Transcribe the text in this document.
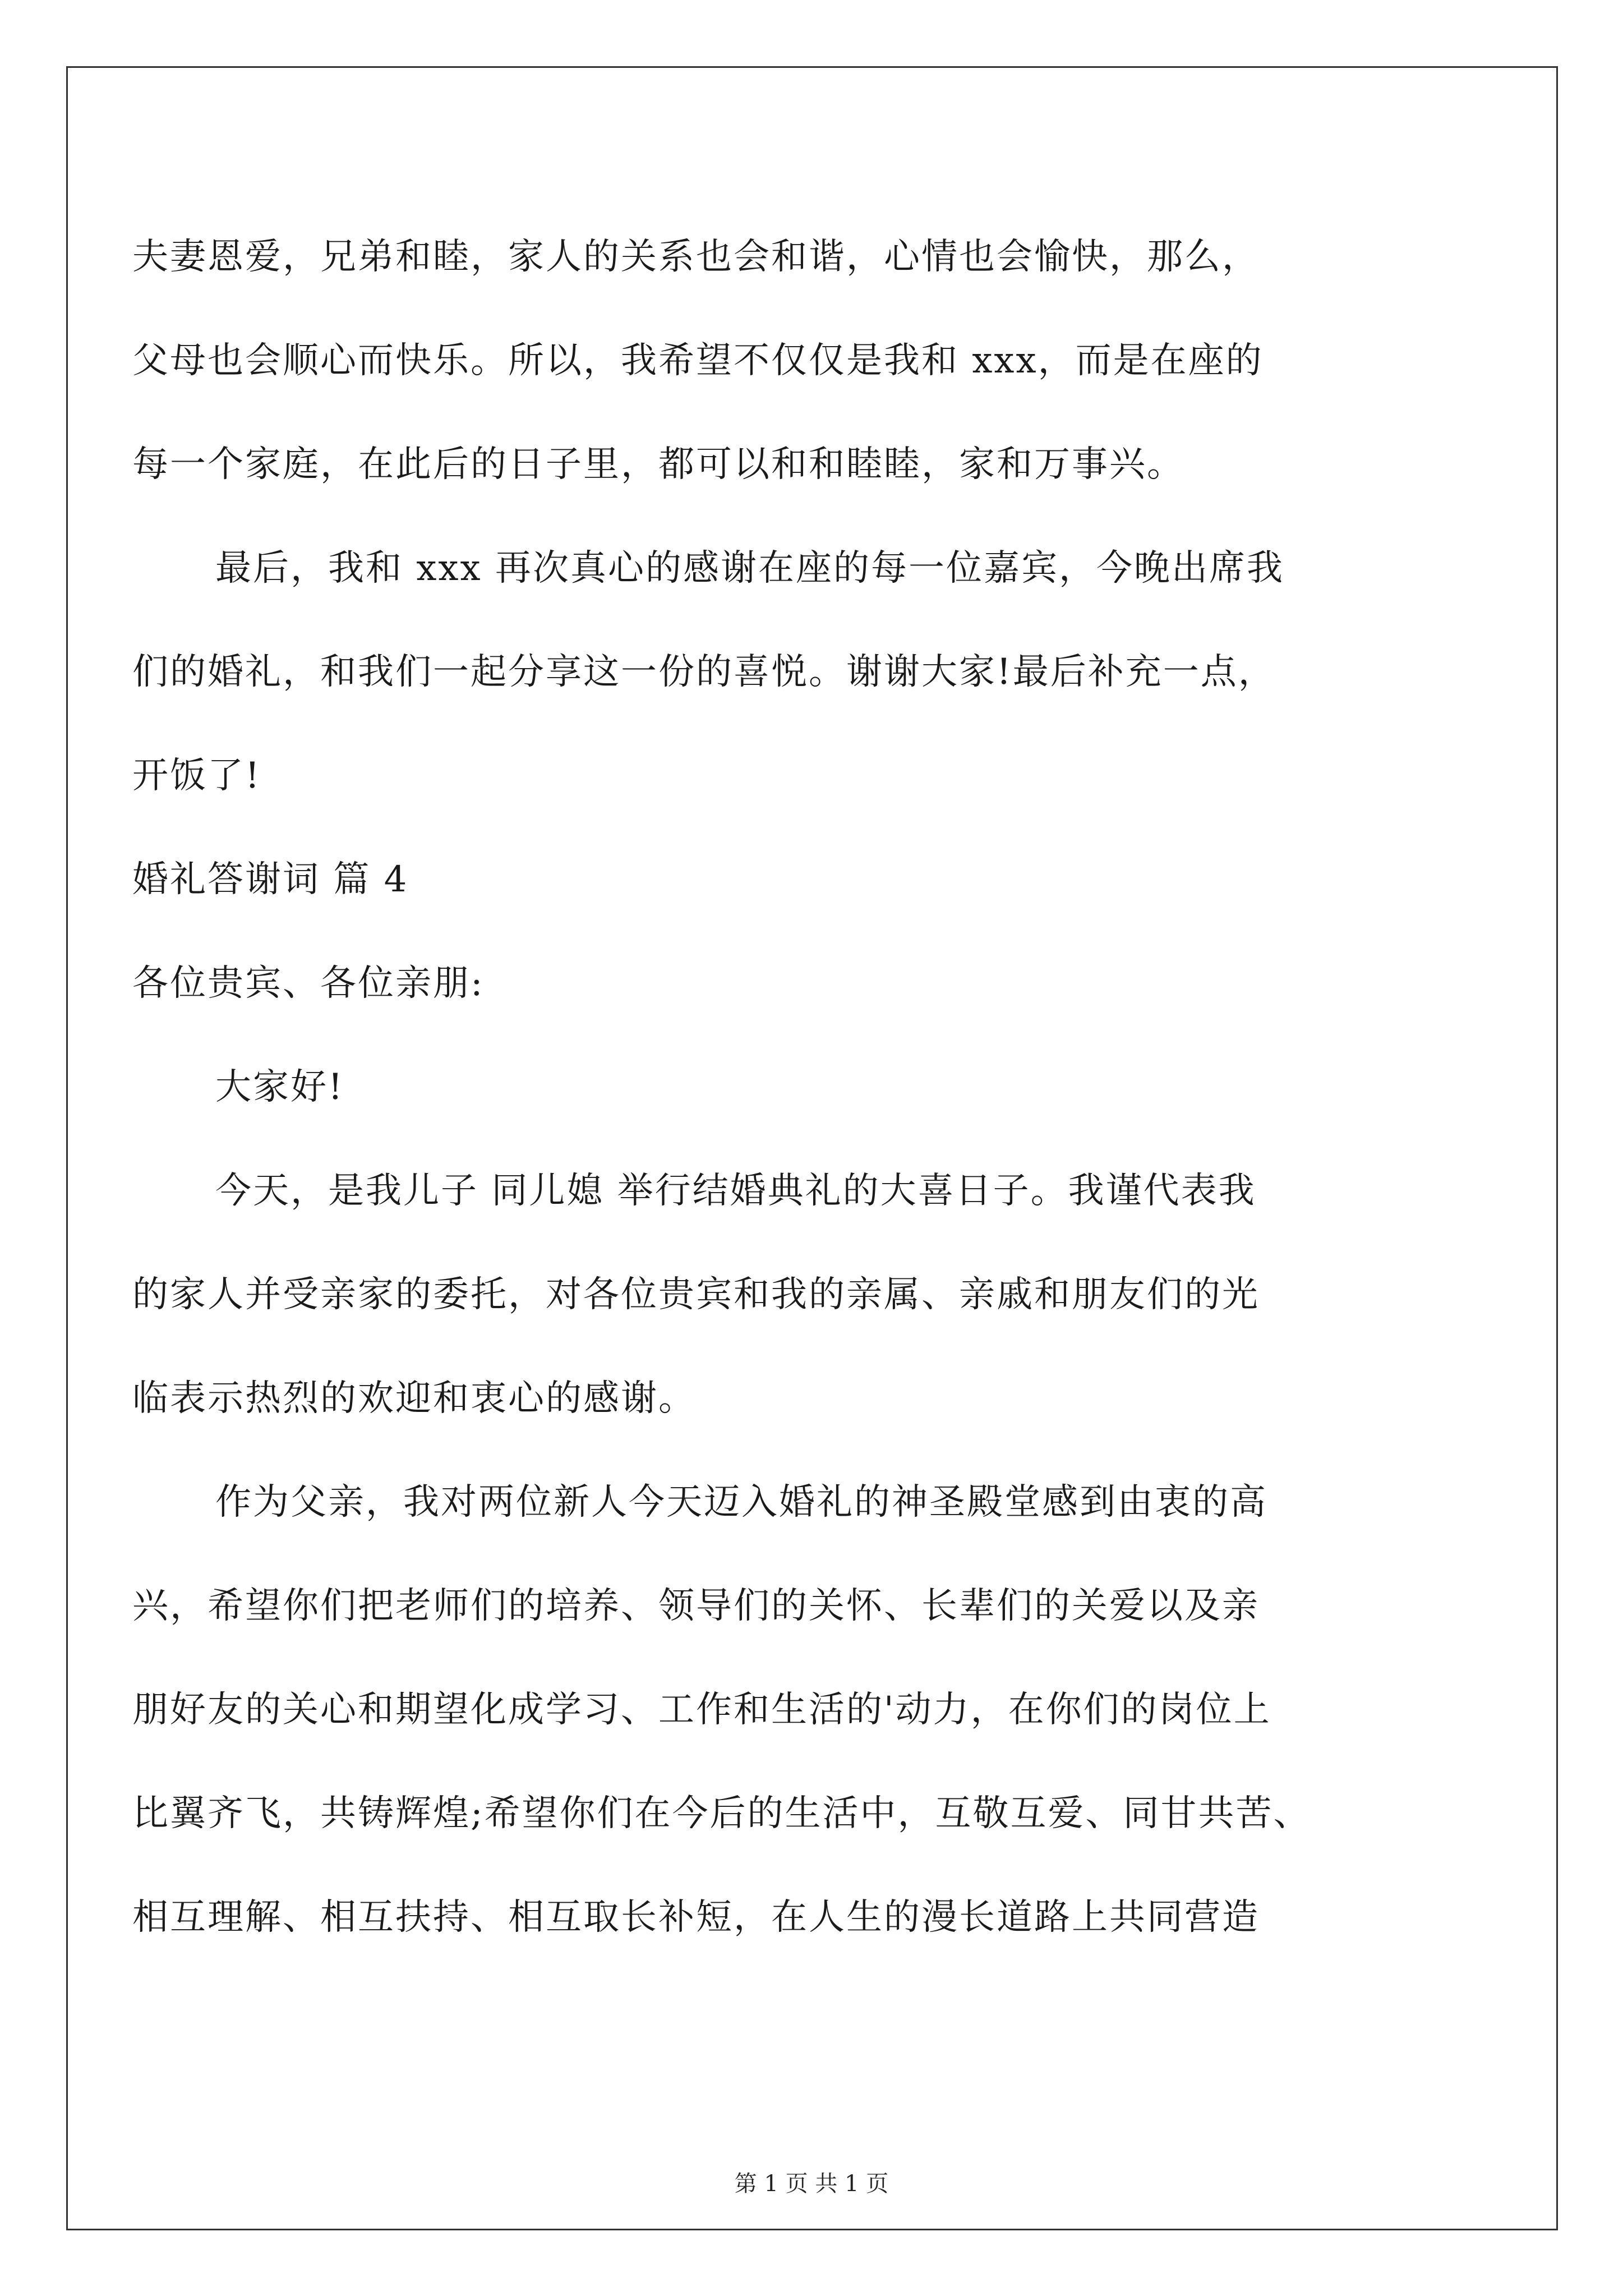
夫妻恩爱，兄弟和睦，家人的关系也会和谐，心情也会愉快，那么，
父母也会顺心而快乐。所以，我希望不仅仅是我和 xxx，而是在座的
每一个家庭，在此后的日子里，都可以和和睦睦，家和万事兴。
最后，我和 xxx 再次真心的感谢在座的每一位嘉宾，今晚出席我
们的婚礼，和我们一起分享这一份的喜悦。谢谢大家!最后补充一点，
开饭了!
婚礼答谢词 篇 4
各位贵宾、各位亲朋:
大家好!
今天，是我儿子 同儿媳 举行结婚典礼的大喜日子。我谨代表我
的家人并受亲家的委托，对各位贵宾和我的亲属、亲戚和朋友们的光
临表示热烈的欢迎和衷心的感谢。
作为父亲，我对两位新人今天迈入婚礼的神圣殿堂感到由衷的高
兴，希望你们把老师们的培养、领导们的关怀、长辈们的关爱以及亲
朋好友的关心和期望化成学习、工作和生活的'动力，在你们的岗位上
比翼齐飞，共铸辉煌;希望你们在今后的生活中，互敬互爱、同甘共苦、
相互理解、相互扶持、相互取长补短，在人生的漫长道路上共同营造
第 1 页 共 1 页
